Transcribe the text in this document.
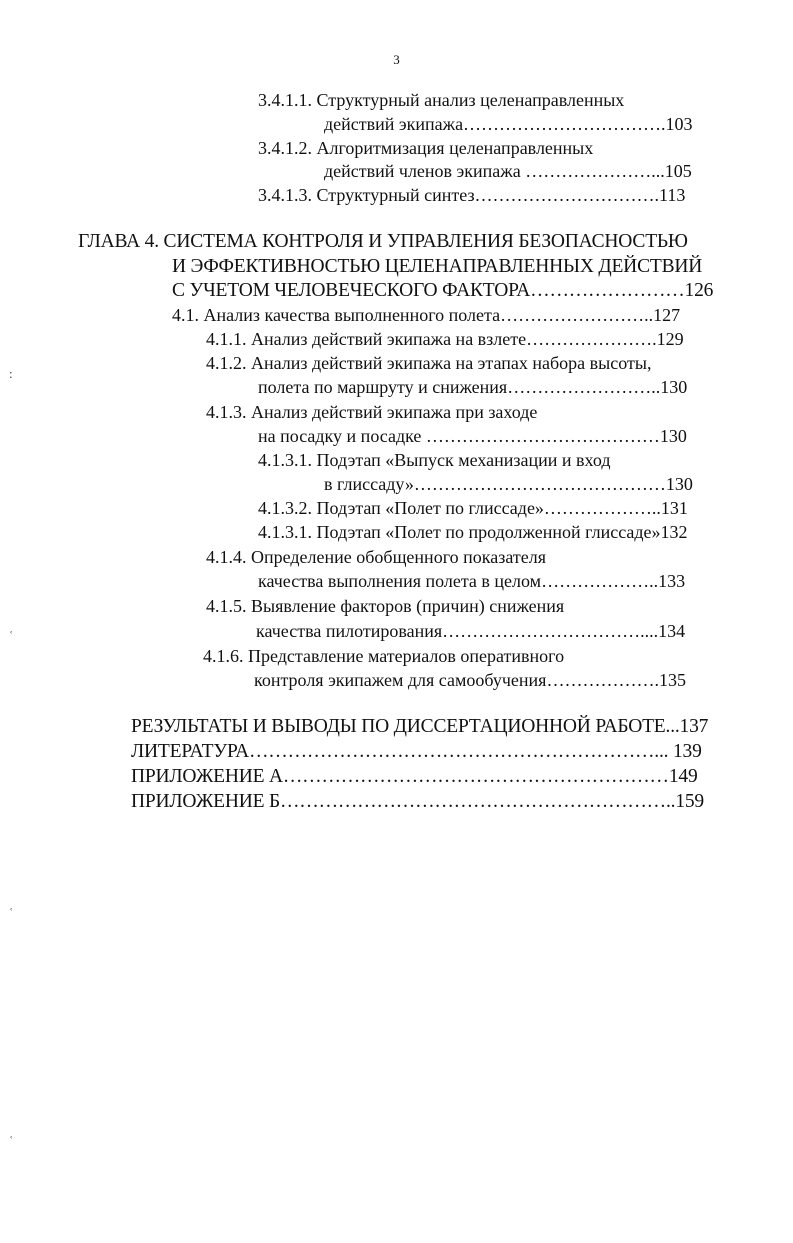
3
3.4.1.1. Структурный анализ целенаправленных
действий экипажа…………………………….103
3.4.1.2. Алгоритмизация целенаправленных
действий членов экипажа …………………...105
3.4.1.3. Структурный синтез………………………….113
ГЛАВА 4. СИСТЕМА КОНТРОЛЯ И УПРАВЛЕНИЯ БЕЗОПАСНОСТЬЮ
И ЭФФЕКТИВНОСТЬЮ ЦЕЛЕНАПРАВЛЕННЫХ ДЕЙСТВИЙ
С УЧЕТОМ ЧЕЛОВЕЧЕСКОГО ФАКТОРА……………………126
4.1. Анализ качества выполненного полета……………………..127
4.1.1. Анализ действий экипажа на взлете………………….129
4.1.2. Анализ действий экипажа на этапах набора высоты,
полета по маршруту и снижения……………………..130
4.1.3. Анализ действий экипажа при заходе
на посадку и посадке …………………………………130
4.1.3.1. Подэтап «Выпуск механизации и вход
в глиссаду»……………………………………130
4.1.3.2. Подэтап «Полет по глиссаде»………………..131
4.1.3.1. Подэтап «Полет по продолженной глиссаде»132
4.1.4. Определение обобщенного показателя
качества выполнения полета в целом………………..133
4.1.5. Выявление факторов (причин) снижения
качества пилотирования……………………………....134
4.1.6. Представление материалов оперативного
контроля экипажем для самообучения……………….135
РЕЗУЛЬТАТЫ И ВЫВОДЫ ПО ДИССЕРТАЦИОННОЙ РАБОТЕ...137
ЛИТЕРАТУРА………………………………………………………... 139
ПРИЛОЖЕНИЕ А……………………………………………………149
ПРИЛОЖЕНИЕ Б……………………………………………………..159
:
ʿ
ʿ
ʿ
